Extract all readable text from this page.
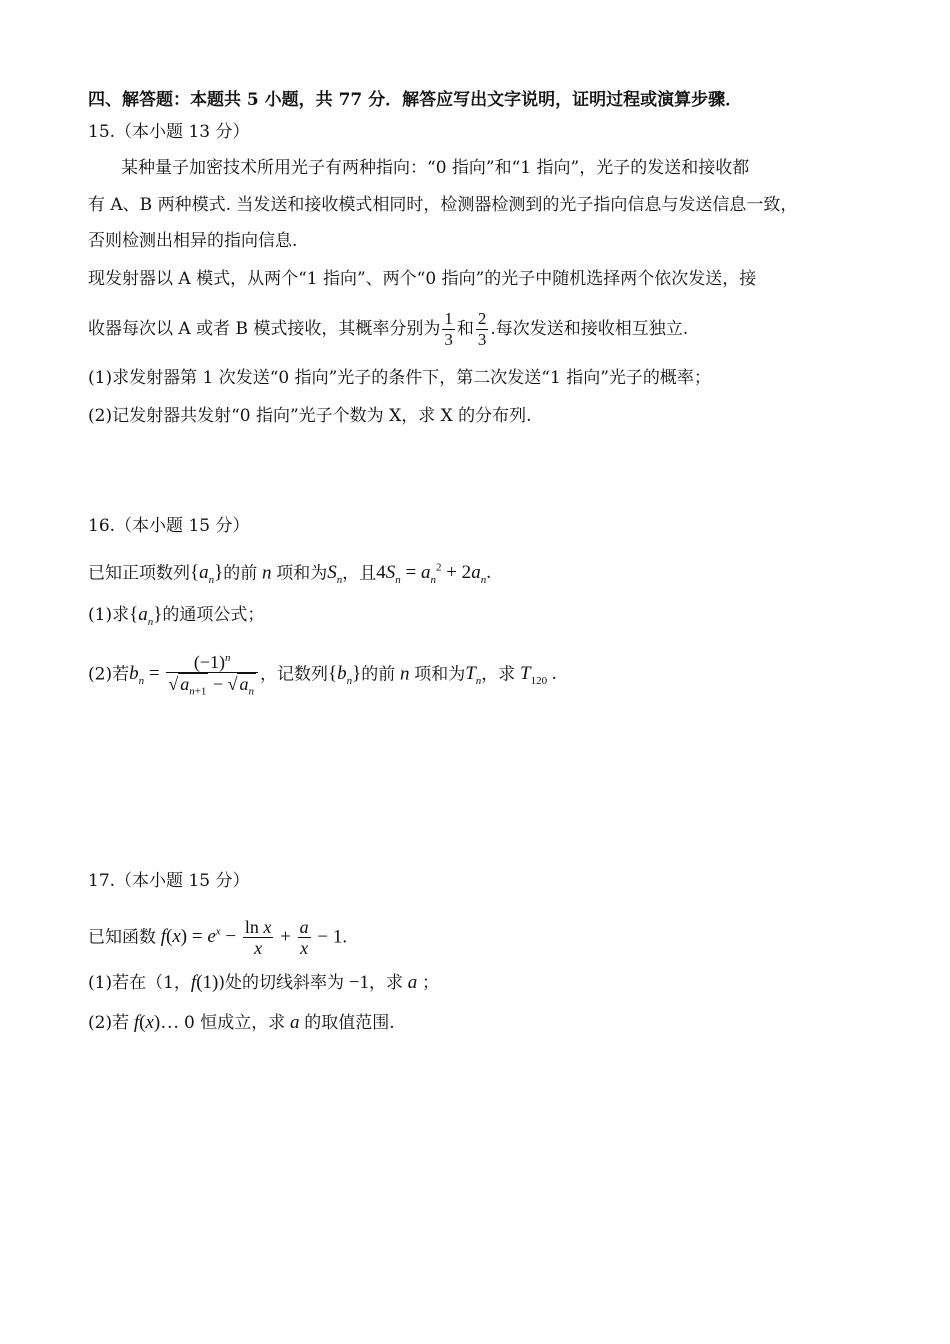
四、解答题：本题共 5 小题，共 77 分．解答应写出文字说明，证明过程或演算步骤．
15.（本小题 13 分）
某种量子加密技术所用光子有两种指向：“0 指向”和“1 指向”，光子的发送和接收都
有 A、B 两种模式. 当发送和接收模式相同时，检测器检测到的光子指向信息与发送信息一致，
否则检测出相异的指向信息.
现发射器以 A 模式，从两个“1 指向”、两个“0 指向”的光子中随机选择两个依次发送，接
收器每次以 A 或者 B 模式接收，其概率分别为 $\frac{1}{3}$ 和 $\frac{2}{3}$ .每次发送和接收相互独立.
(1)求发射器第 1 次发送“0 指向”光子的条件下，第二次发送“1 指向”光子的概率；
(2)记发射器共发射“0 指向”光子个数为 X，求 X 的分布列.
16.（本小题 15 分）
已知正项数列$\{a_n\}$的前 n 项和为$S_n$，且$4S_n = a_n^2 + 2a_n$.
(1)求$\{a_n\}$的通项公式；
(2)若$b_n = \frac{(-1)^n}{√ a_{n+1} - √ a_n}$ ，记数列$\{b_n\}$的前 n 项和为$T_n$，求 $T_{120}$ .
17.（本小题 15 分）
已知函数 $f(x) = e^x - \frac{\text{ln x}}{x} + \frac{a}{x} - 1$.
(1)若在（1，f(1))处的切线斜率为 −1，求 a ；
(2)若 f(x)… 0 恒成立，求 a 的取值范围.
